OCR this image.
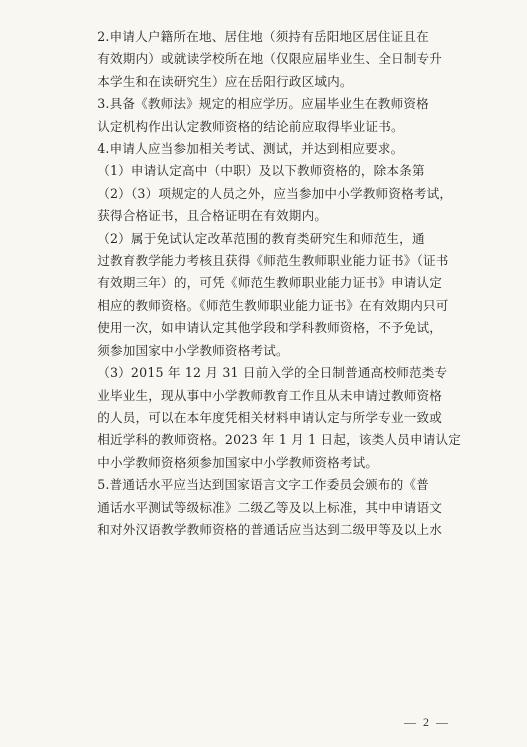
2.申请人户籍所在地、居住地（须持有岳阳地区居住证且在
有效期内）或就读学校所在地（仅限应届毕业生、全日制专升
本学生和在读研究生）应在岳阳行政区域内。

3.具备《教师法》规定的相应学历。应届毕业生在教师资格
认定机构作出认定教师资格的结论前应取得毕业证书。

4.申请人应当参加相关考试、测试，并达到相应要求。

（1）申请认定高中（中职）及以下教师资格的，除本条第
（2）（3）项规定的人员之外，应当参加中小学教师资格考试，
获得合格证书，且合格证明在有效期内。

（2）属于免试认定改革范围的教育类研究生和师范生，通
过教育教学能力考核且获得《师范生教师职业能力证书》（证书
有效期三年）的，可凭《师范生教师职业能力证书》申请认定
相应的教师资格。《师范生教师职业能力证书》在有效期内只可
使用一次，如申请认定其他学段和学科教师资格，不予免试，
须参加国家中小学教师资格考试。

（3）2015 年 12 月 31 日前入学的全日制普通高校师范类专
业毕业生，现从事中小学教师教育工作且从未申请过教师资格
的人员，可以在本年度凭相关材料申请认定与所学专业一致或
相近学科的教师资格。2023 年 1 月 1 日起，该类人员申请认定
中小学教师资格须参加国家中小学教师资格考试。

5.普通话水平应当达到国家语言文字工作委员会颁布的《普
通话水平测试等级标准》二级乙等及以上标准，其中申请语文
和对外汉语教学教师资格的普通话应当达到二级甲等及以上水

— 2 —
